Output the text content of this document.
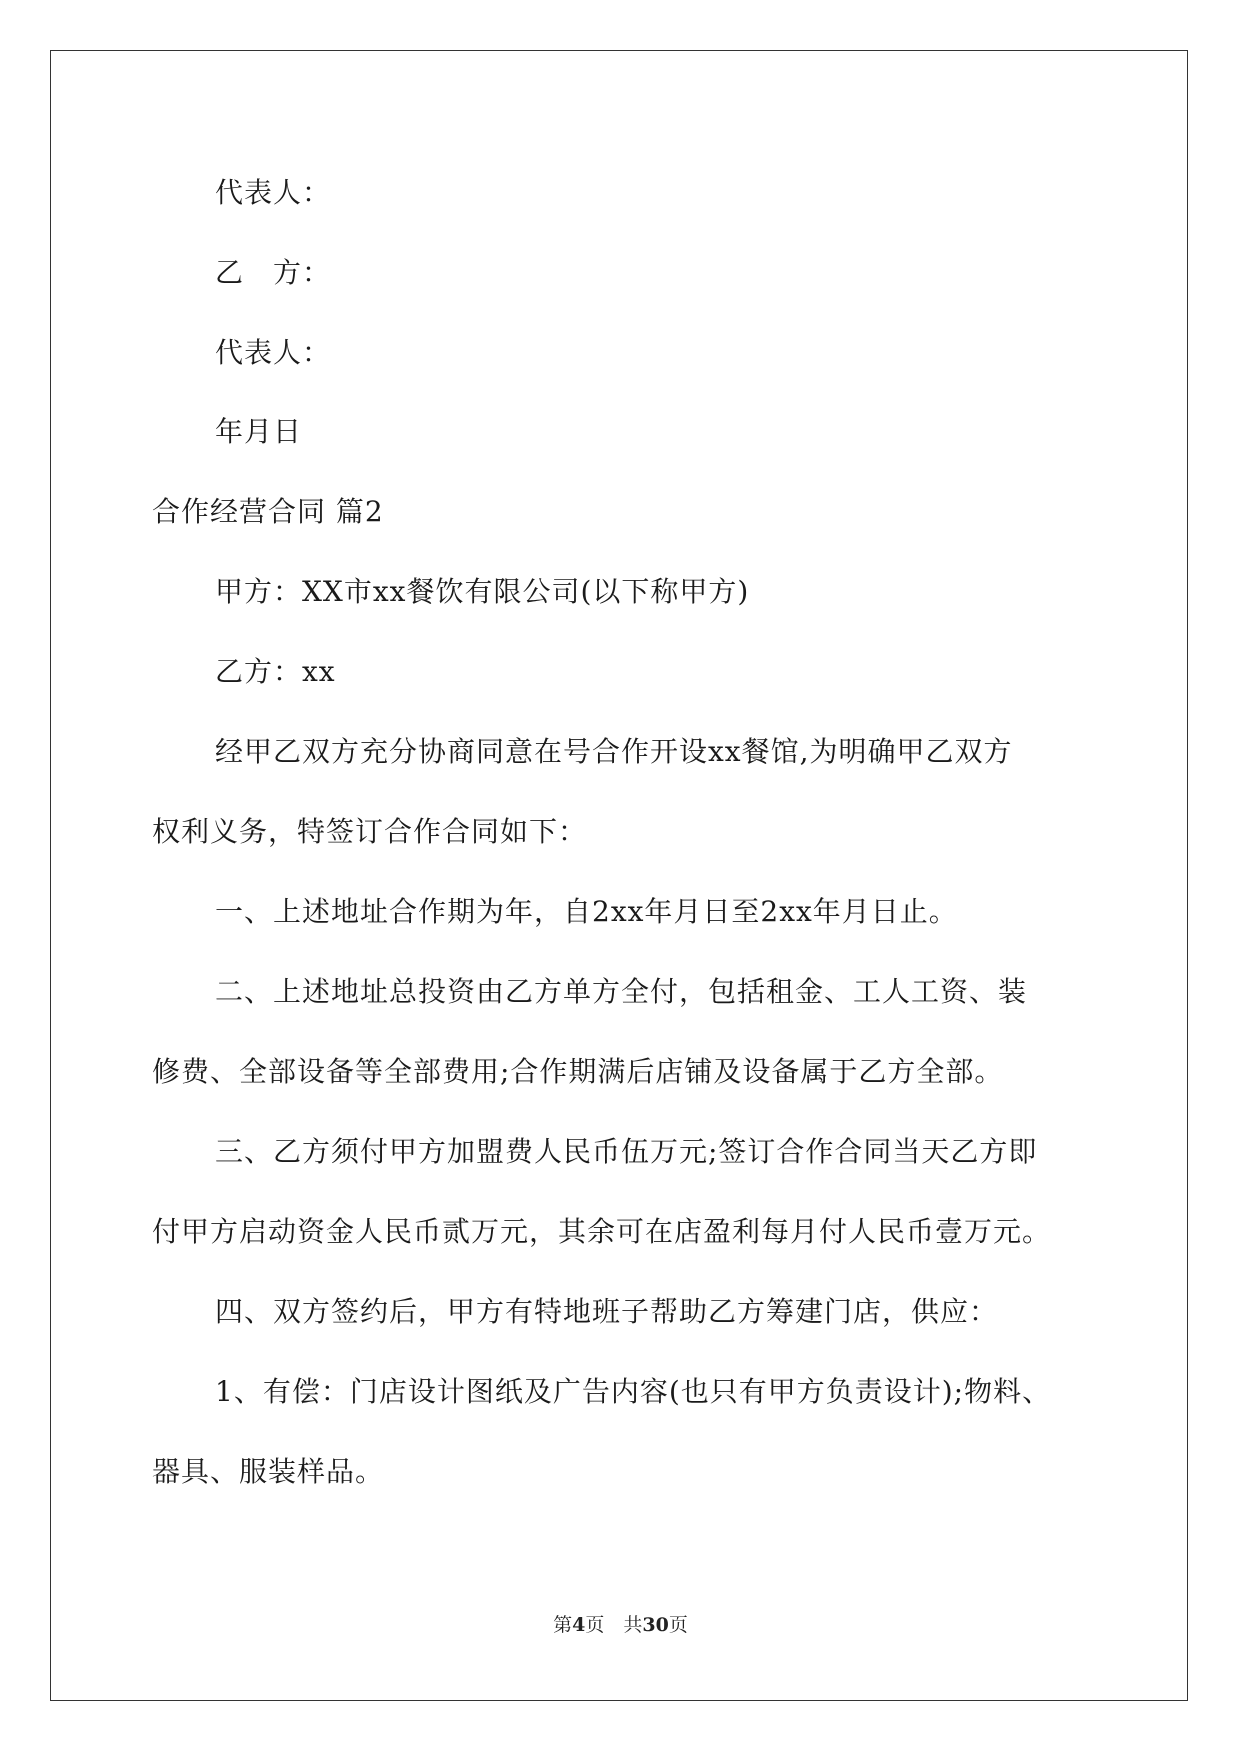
代表人：
乙　方：
代表人：
年月日
合作经营合同 篇2
甲方：XX市xx餐饮有限公司(以下称甲方)
乙方：xx
经甲乙双方充分协商同意在号合作开设xx餐馆,为明确甲乙双方
权利义务，特签订合作合同如下：
一、上述地址合作期为年，自2xx年月日至2xx年月日止。
二、上述地址总投资由乙方单方全付，包括租金、工人工资、装
修费、全部设备等全部费用;合作期满后店铺及设备属于乙方全部。
三、乙方须付甲方加盟费人民币伍万元;签订合作合同当天乙方即
付甲方启动资金人民币贰万元，其余可在店盈利每月付人民币壹万元。
四、双方签约后，甲方有特地班子帮助乙方筹建门店，供应：
1、有偿：门店设计图纸及广告内容(也只有甲方负责设计);物料、
器具、服装样品。
第4页　共30页
